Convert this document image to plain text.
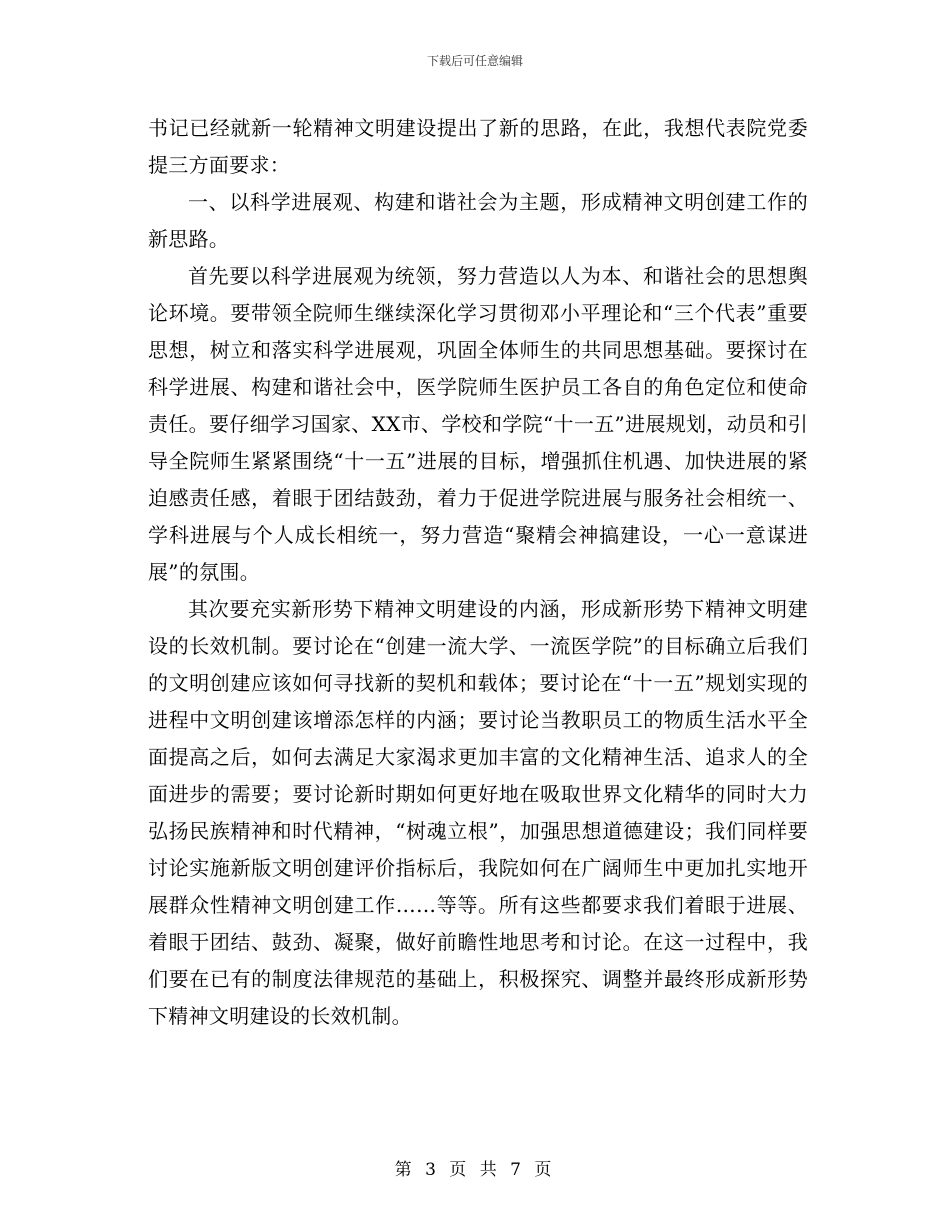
下载后可任意编辑

书记已经就新一轮精神文明建设提出了新的思路，在此，我想代表院党委提三方面要求：

一、以科学进展观、构建和谐社会为主题，形成精神文明创建工作的新思路。

首先要以科学进展观为统领，努力营造以人为本、和谐社会的思想舆论环境。要带领全院师生继续深化学习贯彻邓小平理论和“三个代表”重要思想，树立和落实科学进展观，巩固全体师生的共同思想基础。要探讨在科学进展、构建和谐社会中，医学院师生医护员工各自的角色定位和使命责任。要仔细学习国家、XX市、学校和学院“十一五”进展规划，动员和引导全院师生紧紧围绕“十一五”进展的目标，增强抓住机遇、加快进展的紧迫感责任感，着眼于团结鼓劲，着力于促进学院进展与服务社会相统一、学科进展与个人成长相统一，努力营造“聚精会神搞建设，一心一意谋进展”的氛围。

其次要充实新形势下精神文明建设的内涵，形成新形势下精神文明建设的长效机制。要讨论在“创建一流大学、一流医学院”的目标确立后我们的文明创建应该如何寻找新的契机和载体；要讨论在“十一五”规划实现的进程中文明创建该增添怎样的内涵；要讨论当教职员工的物质生活水平全面提高之后，如何去满足大家渴求更加丰富的文化精神生活、追求人的全面进步的需要；要讨论新时期如何更好地在吸取世界文化精华的同时大力弘扬民族精神和时代精神，“树魂立根”，加强思想道德建设；我们同样要讨论实施新版文明创建评价指标后，我院如何在广阔师生中更加扎实地开展群众性精神文明创建工作……等等。所有这些都要求我们着眼于进展、着眼于团结、鼓劲、凝聚，做好前瞻性地思考和讨论。在这一过程中，我们要在已有的制度法律规范的基础上，积极探究、调整并最终形成新形势下精神文明建设的长效机制。

第 3 页 共 7 页
